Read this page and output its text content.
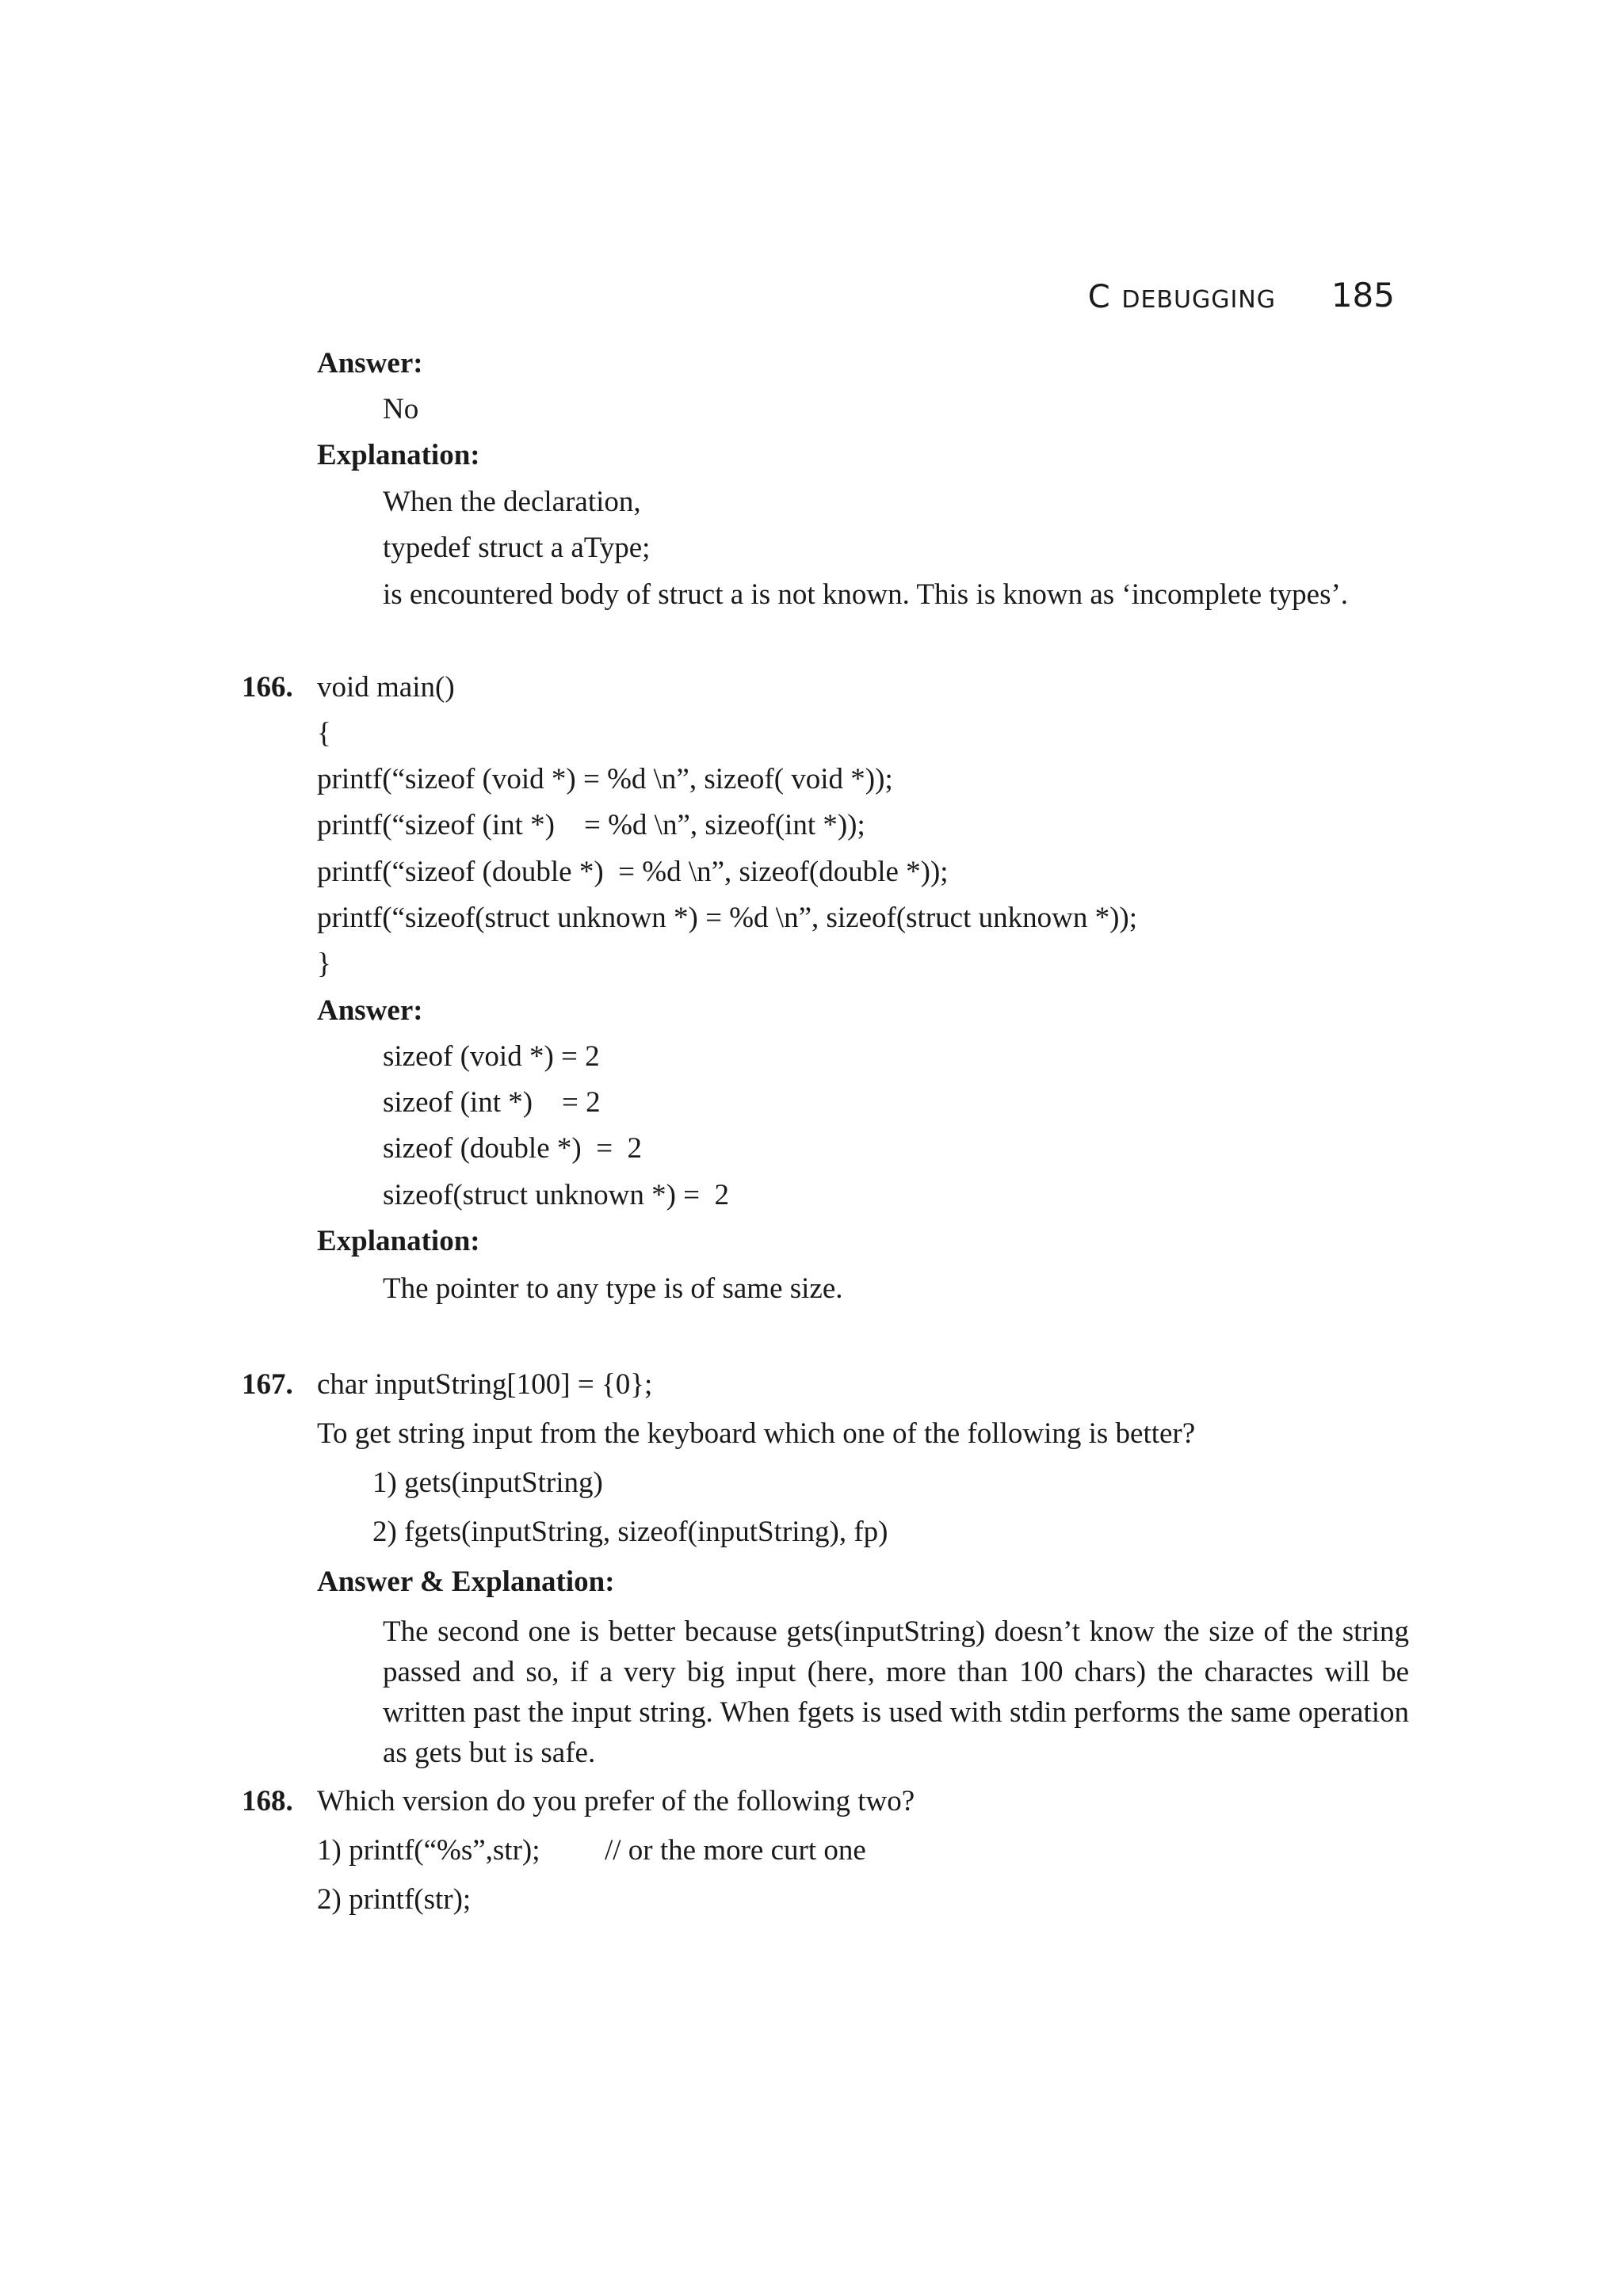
C DEBUGGING 185
Answer:
No
Explanation:
When the declaration,
typedef struct a aType;
is encountered body of struct a is not known. This is known as ‘incomplete types’.
166. void main()
{
printf(“sizeof (void *) = %d \n”, sizeof( void *));
printf(“sizeof (int *)    = %d \n”, sizeof(int *));
printf(“sizeof (double *)  = %d \n”, sizeof(double *));
printf(“sizeof(struct unknown *) = %d \n”, sizeof(struct unknown *));
}
Answer:
sizeof (void *) = 2
sizeof (int *)    = 2
sizeof (double *)  =  2
sizeof(struct unknown *) =  2
Explanation:
The pointer to any type is of same size.
167. char inputString[100] = {0};
To get string input from the keyboard which one of the following is better?
1) gets(inputString)
2) fgets(inputString, sizeof(inputString), fp)
Answer & Explanation:
The second one is better because gets(inputString) doesn’t know the size of the string
passed and so, if a very big input (here, more than 100 chars) the charactes will be
written past the input string. When fgets is used with stdin performs the same operation
as gets but is safe.
168. Which version do you prefer of the following two?
1) printf(“%s”,str); // or the more curt one
2) printf(str);
